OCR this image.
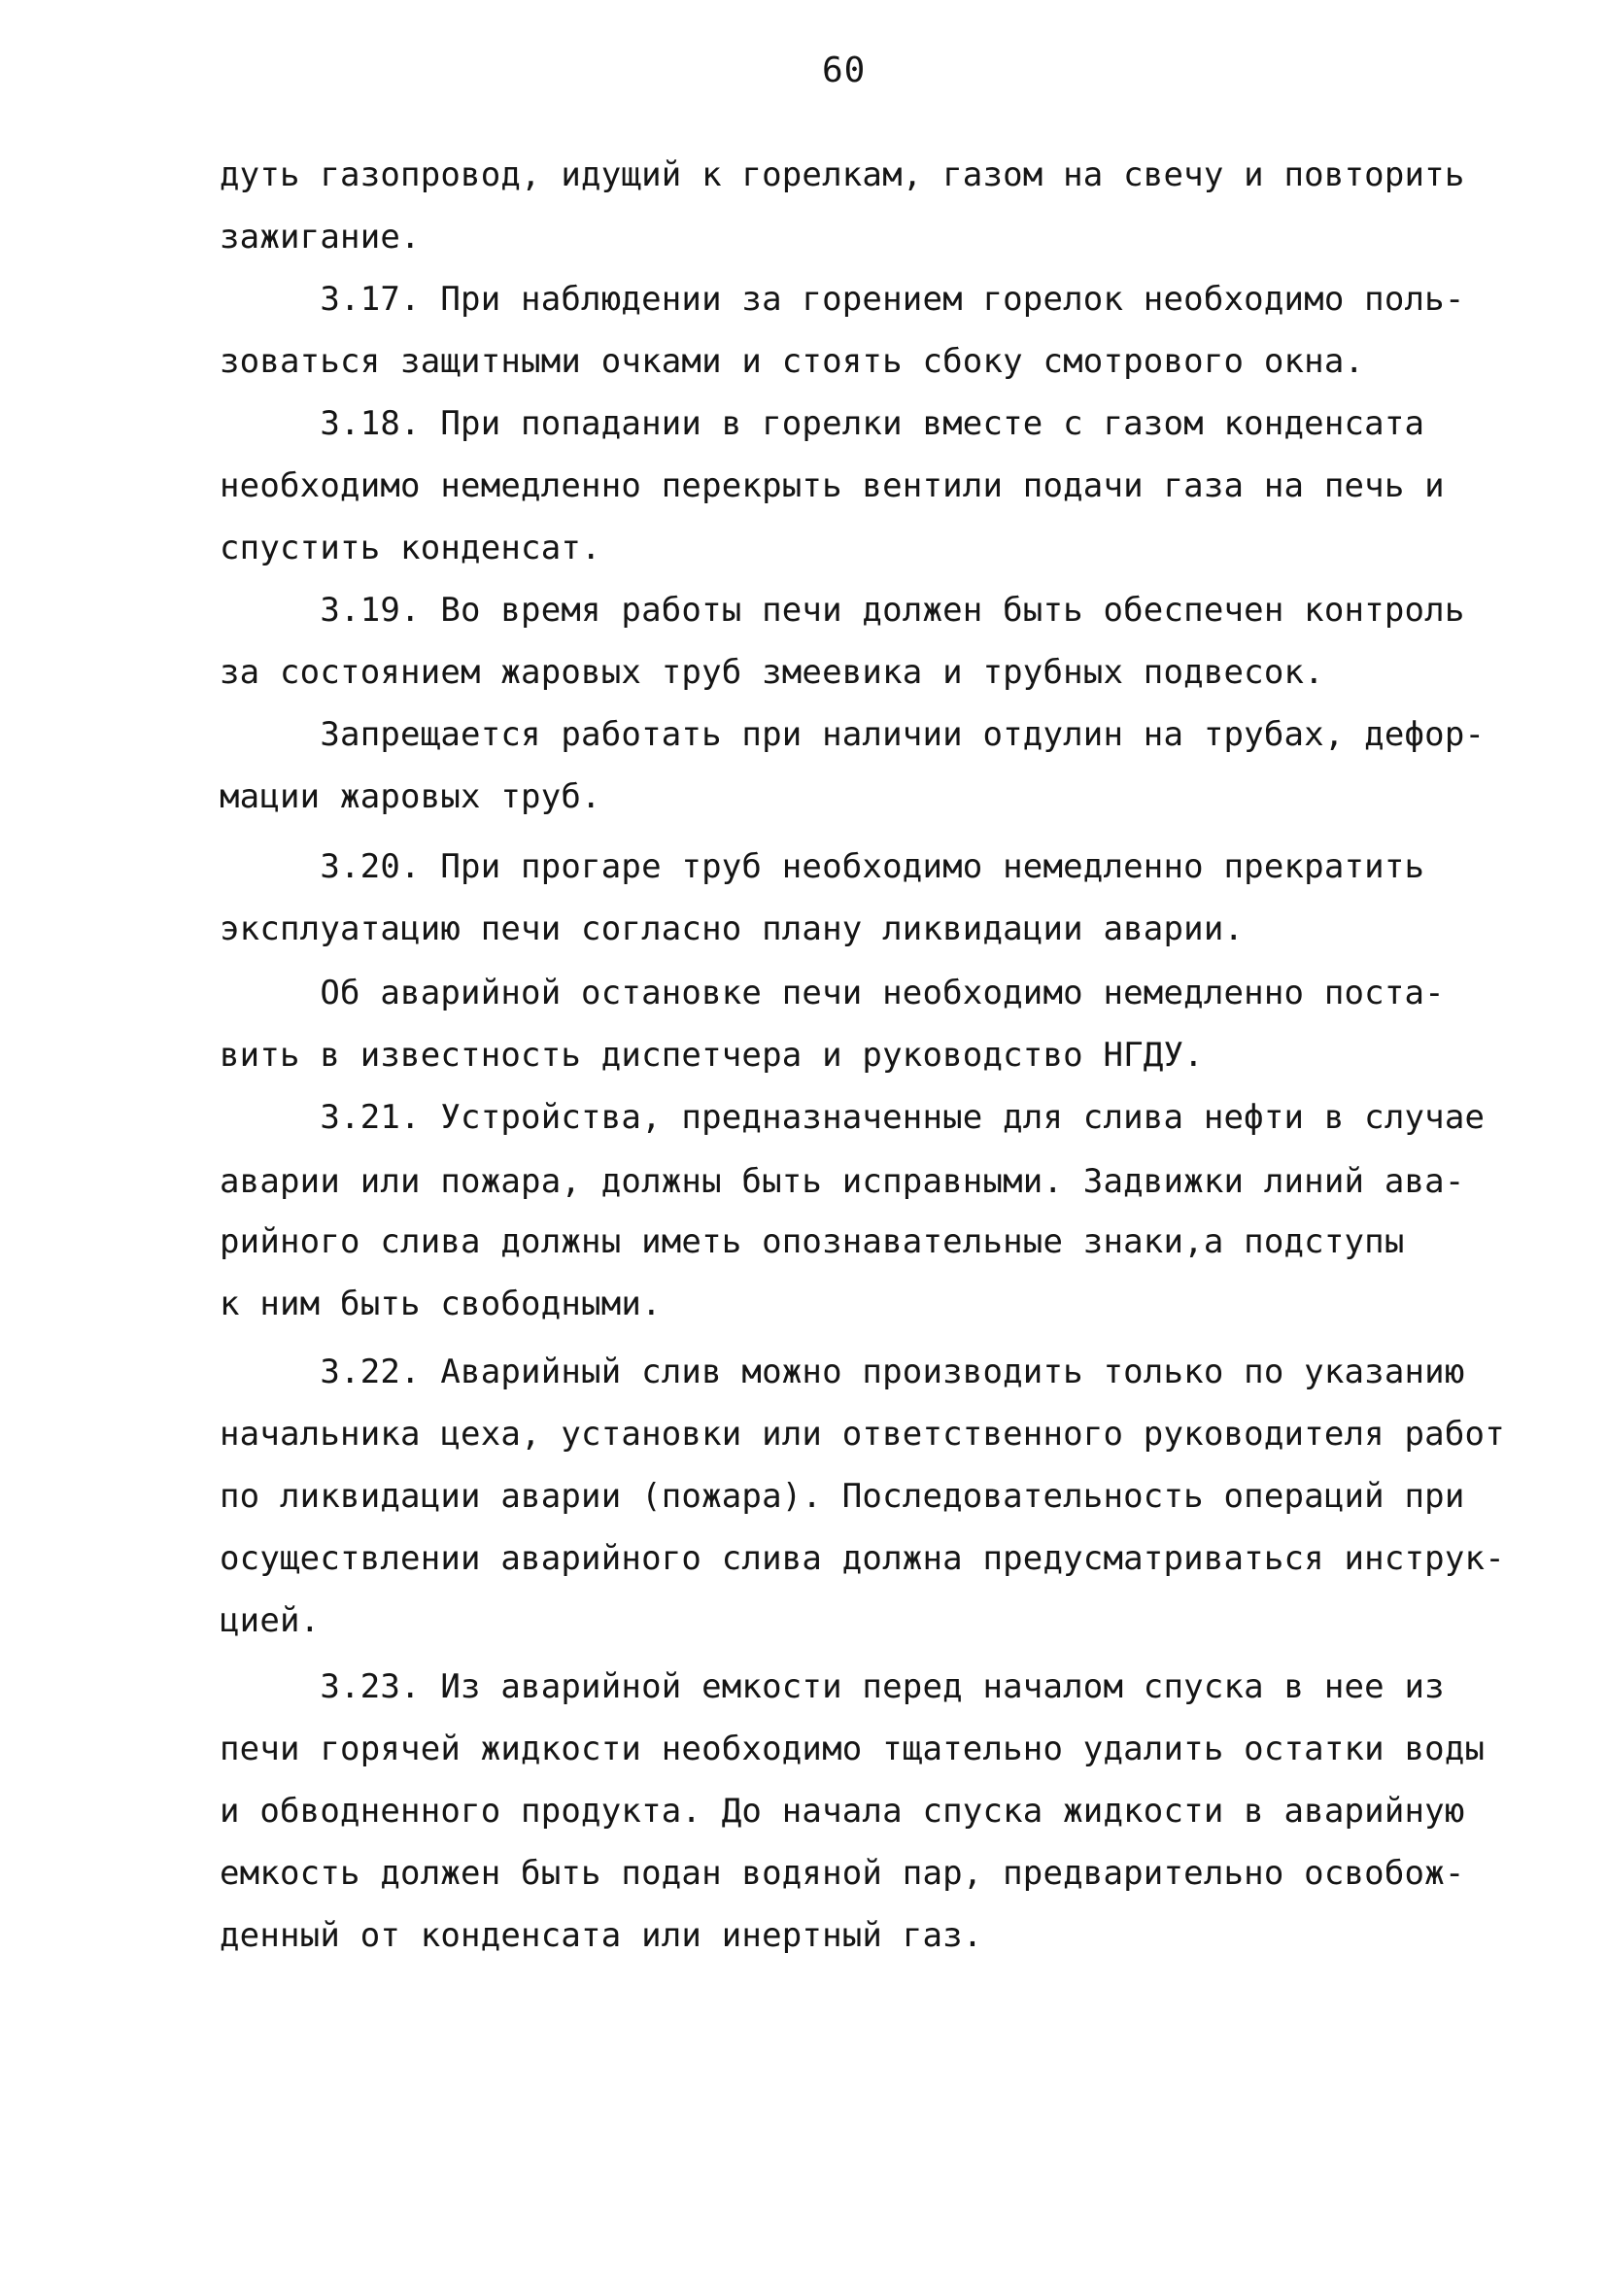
60
дуть газопровод, идущий к горелкам, газом на свечу и повторить
зажигание.
3.17. При наблюдении за горением горелок необходимо поль-
зоваться защитными очками и стоять сбоку смотрового окна.
3.18. При попадании в горелки вместе с газом конденсата
необходимо немедленно перекрыть вентили подачи газа на печь и
спустить конденсат.
3.19. Во время работы печи должен быть обеспечен контроль
за состоянием жаровых труб змеевика и трубных подвесок.
Запрещается работать при наличии отдулин на трубах, дефор-
мации жаровых труб.
3.20. При прогаре труб необходимо немедленно прекратить
эксплуатацию печи согласно плану ликвидации аварии.
Об аварийной остановке печи необходимо немедленно поста-
вить в известность диспетчера и руководство НГДУ.
3.21. Устройства, предназначенные для слива нефти в случае
аварии или пожара, должны быть исправными. Задвижки линий ава-
рийного слива должны иметь опознавательные знаки,а подступы
к ним быть свободными.
3.22. Аварийный слив можно производить только по указанию
начальника цеха, установки или ответственного руководителя работ
по ликвидации аварии (пожара). Последовательность операций при
осуществлении аварийного слива должна предусматриваться инструк-
цией.
3.23. Из аварийной емкости перед началом спуска в нее из
печи горячей жидкости необходимо тщательно удалить остатки воды
и обводненного продукта. До начала спуска жидкости в аварийную
емкость должен быть подан водяной пар, предварительно освобож-
денный от конденсата или инертный газ.
